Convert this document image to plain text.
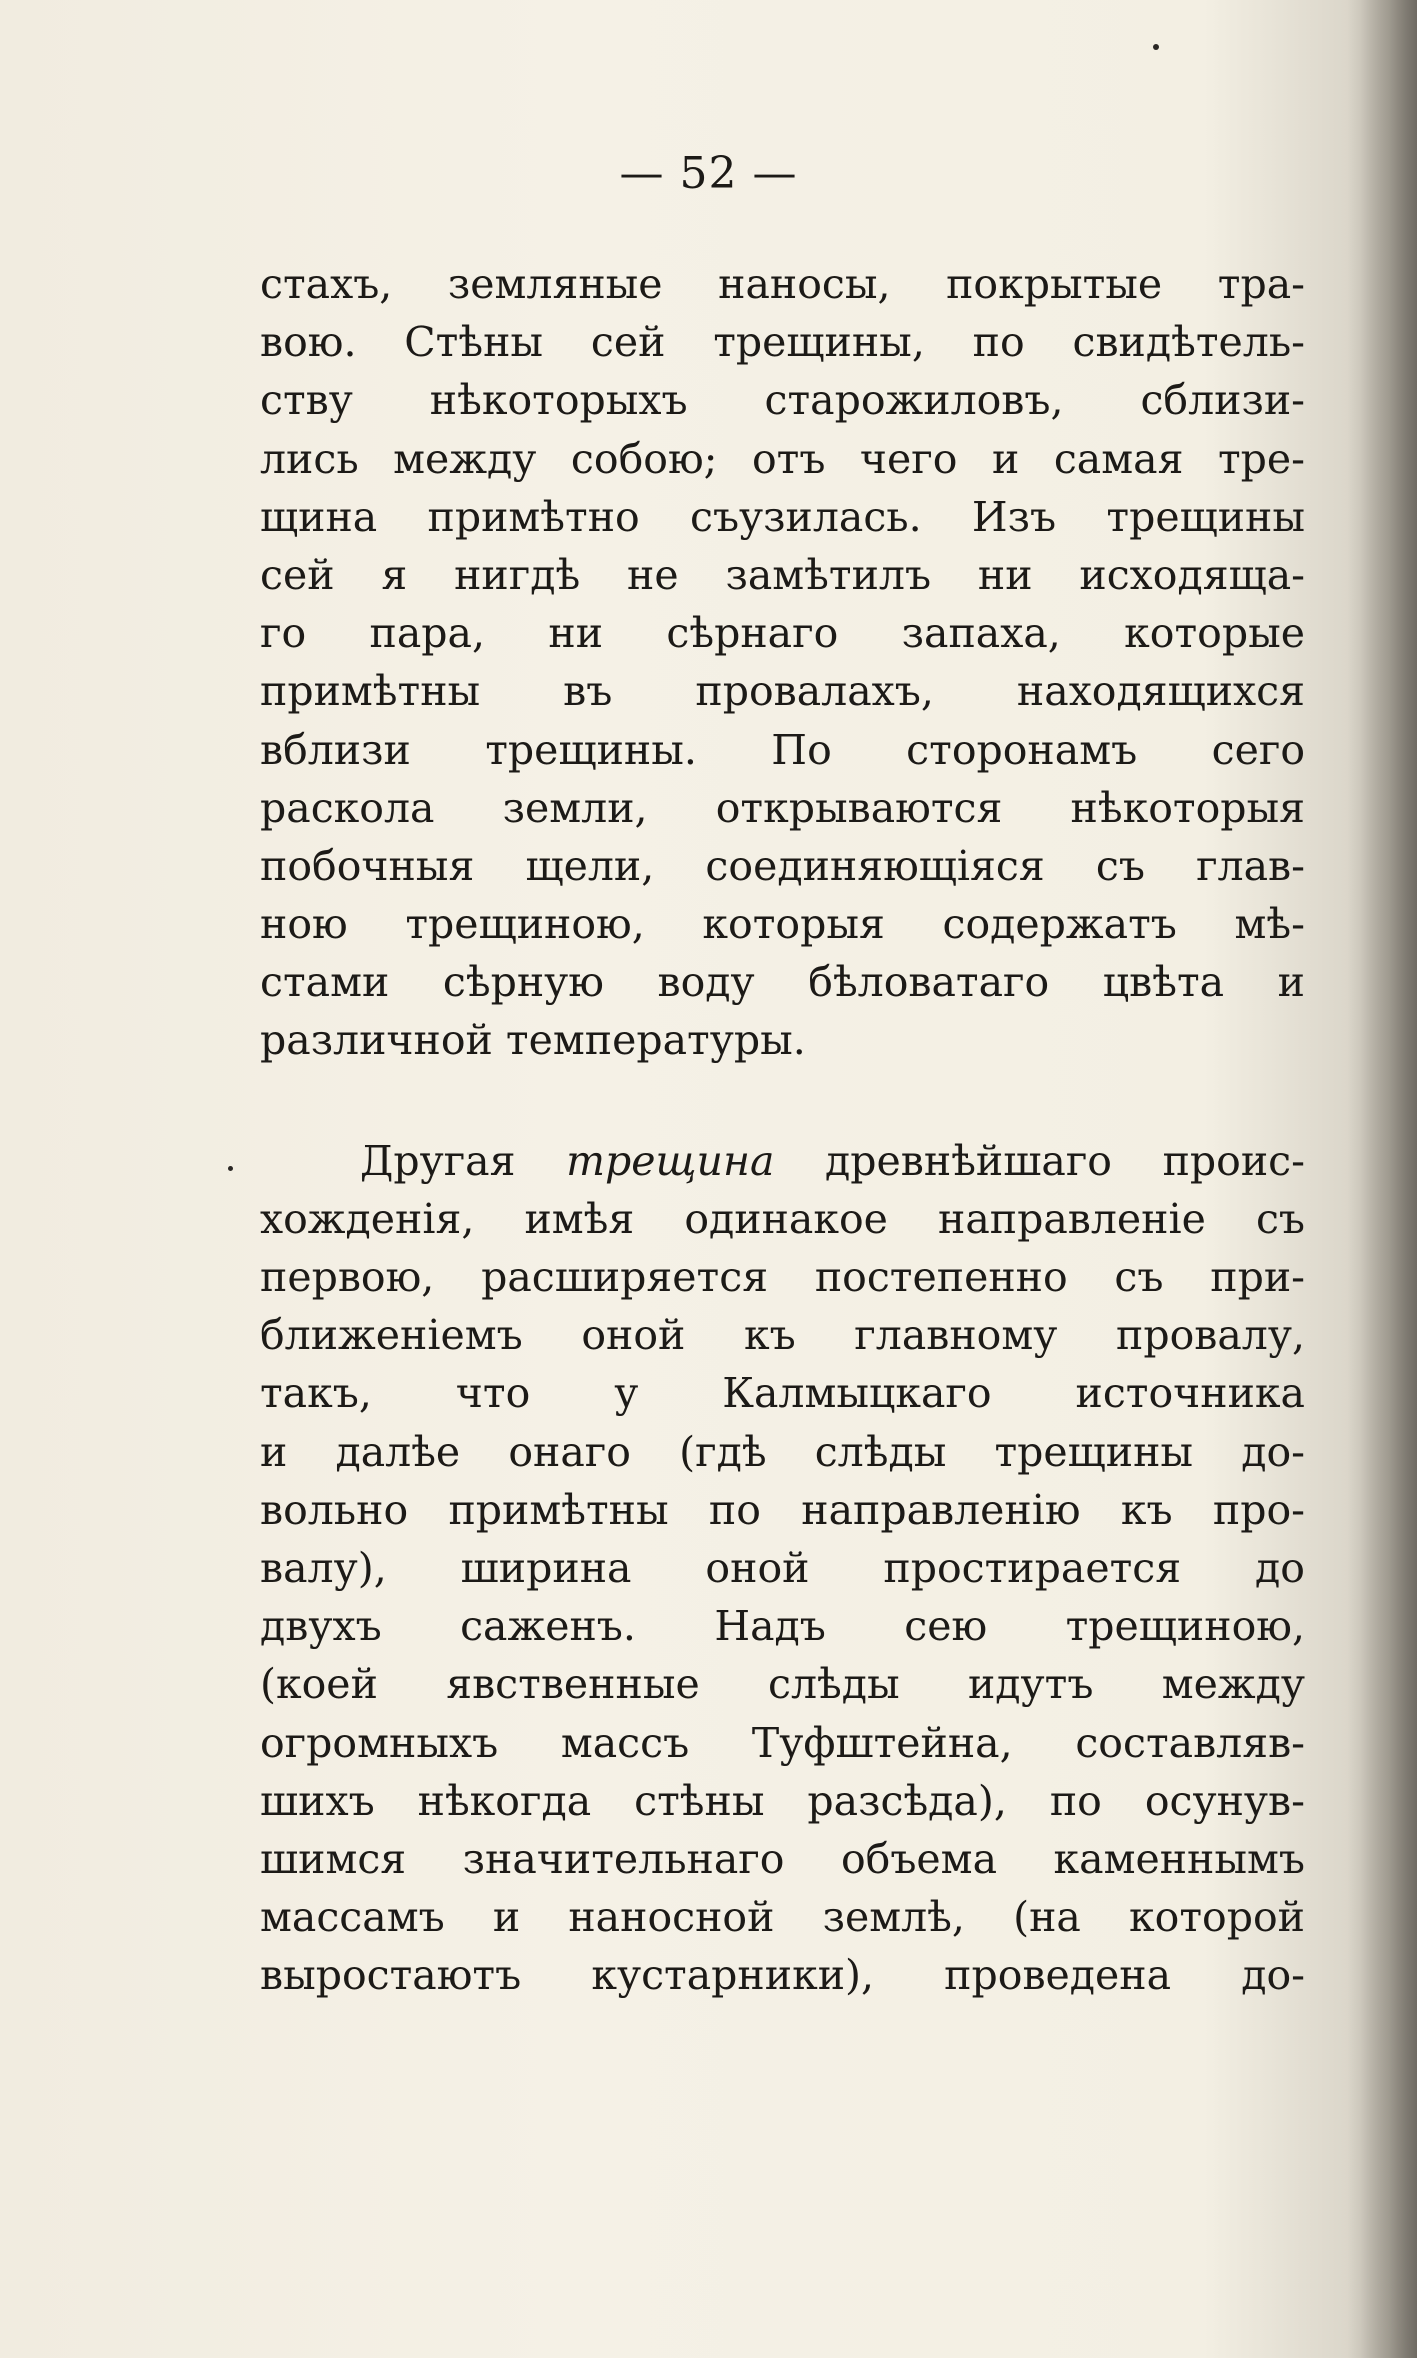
— 52 —
стахъ, земляные наносы, покрытые тра-
вою. Стѣны сей трещины, по свидѣтель-
ству нѣкоторыхъ старожиловъ, сблизи-
лись между собою; отъ чего и самая тре-
щина примѣтно съузилась. Изъ трещины
сей я нигдѣ не замѣтилъ ни исходяща-
го пара, ни сѣрнаго запаха, которые
примѣтны въ провалахъ, находящихся
вблизи трещины. По сторонамъ сего
раскола земли, открываются нѣкоторыя
побочныя щели, соединяющіяся съ глав-
ною трещиною, которыя содержатъ мѣ-
стами сѣрную воду бѣловатаго цвѣта и
различной температуры.
Другая трещина древнѣйшаго проис-
хожденія, имѣя одинакое направленіе съ
первою, расширяется постепенно съ при-
ближеніемъ оной къ главному провалу,
такъ, что у Калмыцкаго источника
и далѣе онаго (гдѣ слѣды трещины до-
вольно примѣтны по направленію къ про-
валу), ширина оной простирается до
двухъ саженъ. Надъ сею трещиною,
(коей явственные слѣды идутъ между
огромныхъ массъ Туфштейна, составляв-
шихъ нѣкогда стѣны разсѣда), по осунув-
шимся значительнаго объема каменнымъ
массамъ и наносной землѣ, (на которой
выростаютъ кустарники), проведена до-
